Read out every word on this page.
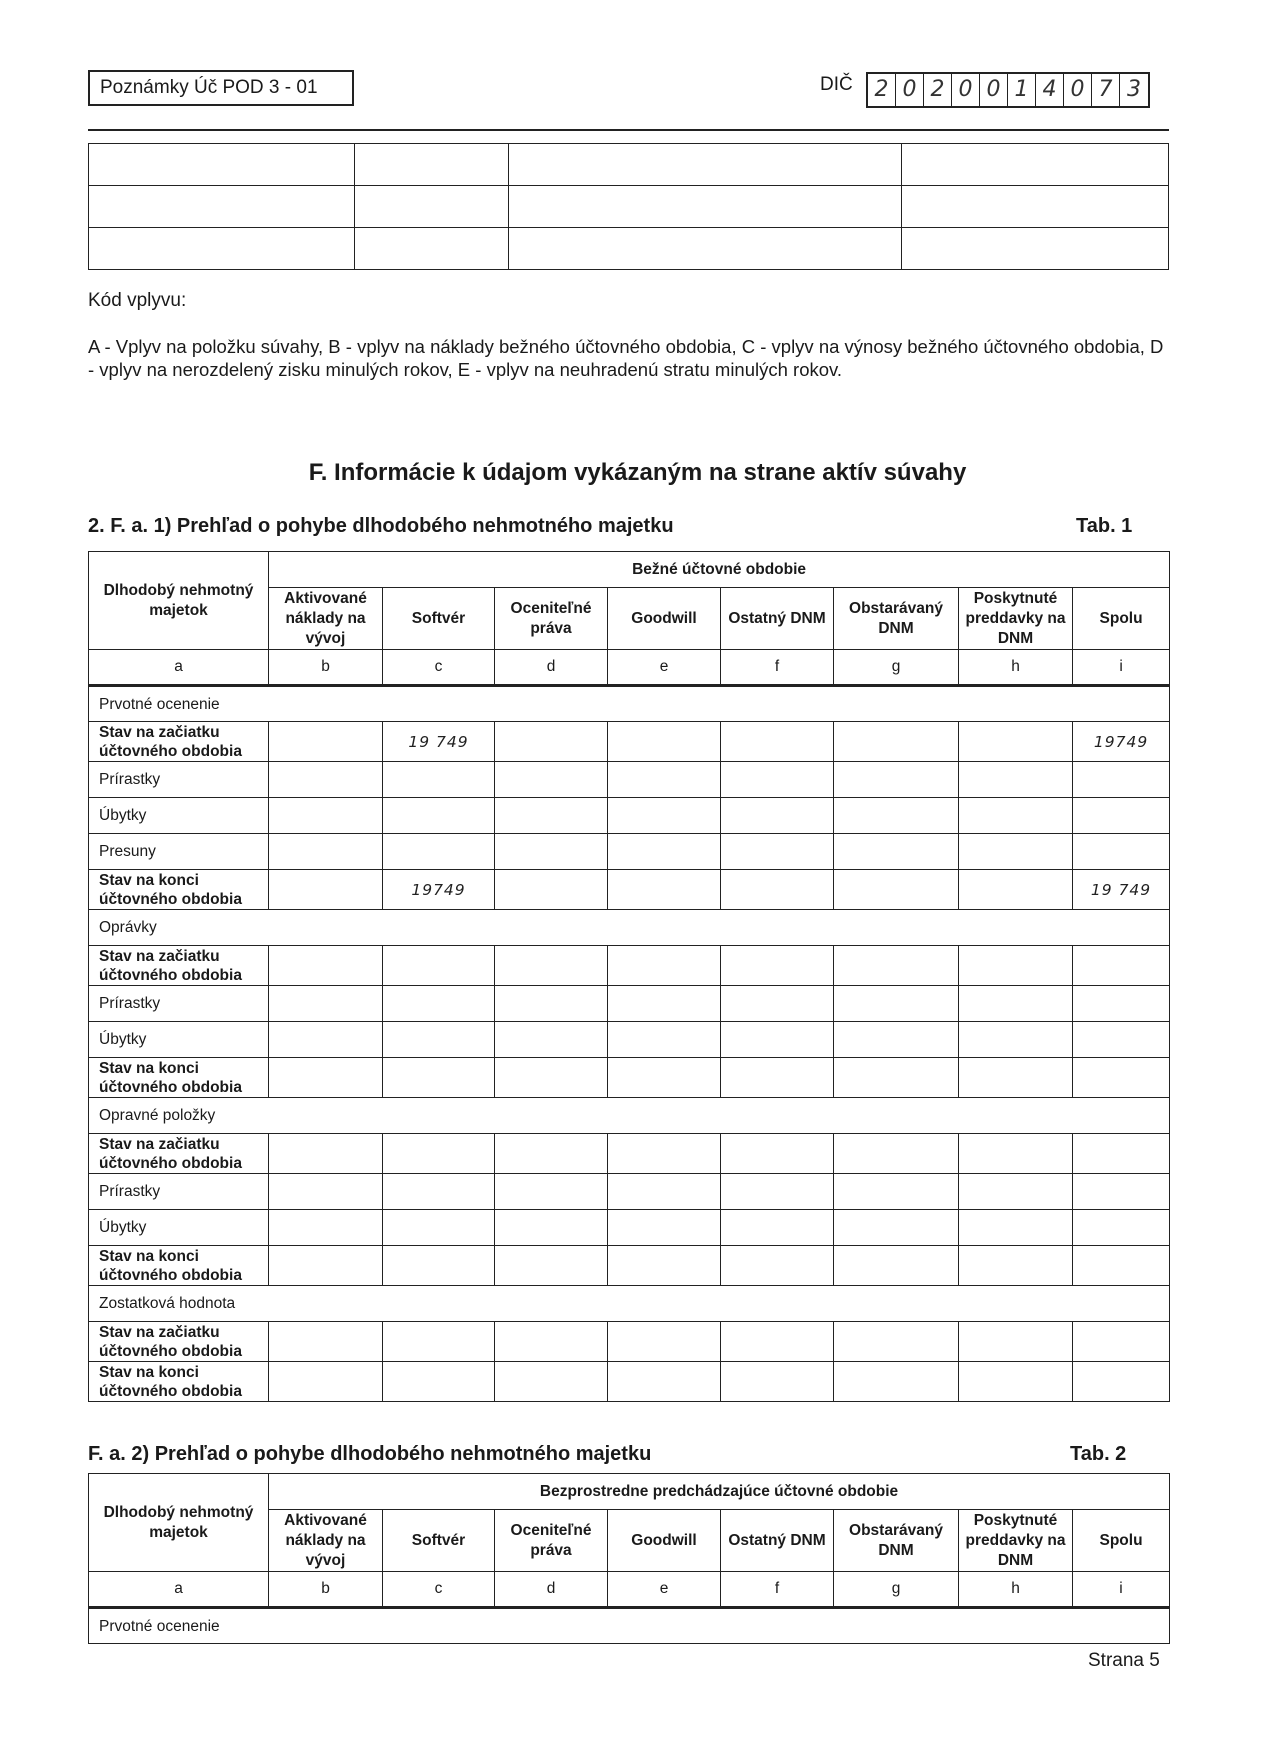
Poznámky Úč POD 3 - 01	DIČ 2 0 2 0 0 1 4 0 7 3

Kód vplyvu:
A - Vplyv na položku súvahy, B - vplyv na náklady bežného účtovného obdobia, C - vplyv na výnosy bežného účtovného obdobia, D - vplyv na nerozdelený zisku minulých rokov, E - vplyv na neuhradenú stratu minulých rokov.
F. Informácie k údajom vykázaným na strane aktív súvahy
2. F. a. 1) Prehľad o pohybe dlhodobého nehmotného majetku	Tab. 1
Dlhodobý nehmotný majetok	Bežné účtovné obdobie							
	Aktivované náklady na vývoj	Softvér	Oceniteľné práva	Goodwill	Ostatný DNM	Obstarávaný DNM	Poskytnuté preddavky na DNM	Spolu
a	b	c	d	e	f	g	h	i
Prvotné ocenenie								
Stav na začiatku účtovného obdobia		19 749						19749
Prírastky								
Úbytky								
Presuny								
Stav na konci účtovného obdobia		19749						19 749
Oprávky								
Stav na začiatku účtovného obdobia								
Prírastky								
Úbytky								
Stav na konci účtovného obdobia								
Opravné položky								
Stav na začiatku účtovného obdobia								
Prírastky								
Úbytky								
Stav na konci účtovného obdobia								
Zostatková hodnota								
Stav na začiatku účtovného obdobia								
Stav na konci účtovného obdobia								
F. a. 2) Prehľad o pohybe dlhodobého nehmotného majetku	Tab. 2
Dlhodobý nehmotný majetok	Bezprostredne predchádzajúce účtovné obdobie							
	Aktivované náklady na vývoj	Softvér	Oceniteľné práva	Goodwill	Ostatný DNM	Obstarávaný DNM	Poskytnuté preddavky na DNM	Spolu
a	b	c	d	e	f	g	h	i
Prvotné ocenenie								
Strana 5
